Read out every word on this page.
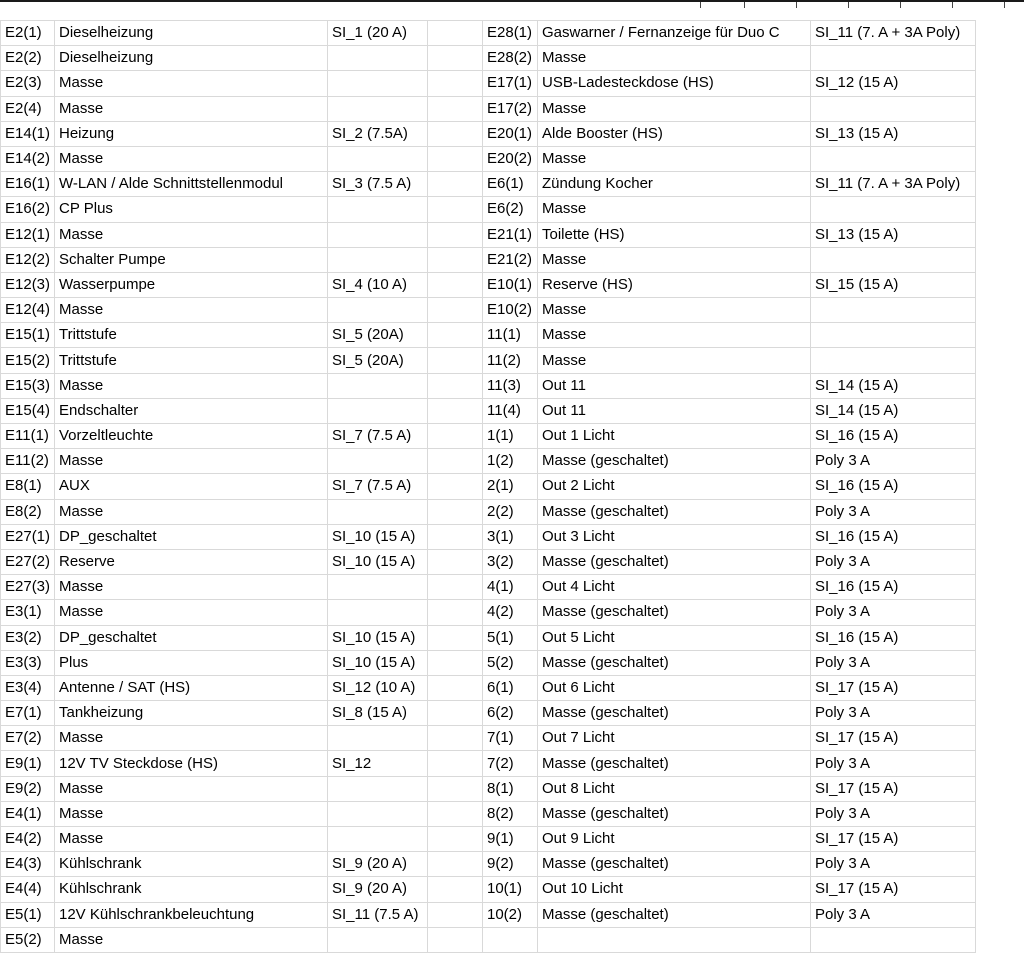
E2(1)	Dieselheizung	SI_1 (20 A)		E28(1)	Gaswarner / Fernanzeige für Duo C	SI_11 (7. A + 3A Poly)
E2(2)	Dieselheizung			E28(2)	Masse	
E2(3)	Masse			E17(1)	USB-Ladesteckdose (HS)	SI_12 (15 A)
E2(4)	Masse			E17(2)	Masse	
E14(1)	Heizung	SI_2 (7.5A)		E20(1)	Alde Booster (HS)	SI_13 (15 A)
E14(2)	Masse			E20(2)	Masse	
E16(1)	W-LAN / Alde Schnittstellenmodul	SI_3 (7.5 A)		E6(1)	Zündung Kocher	SI_11 (7. A + 3A Poly)
E16(2)	CP Plus			E6(2)	Masse	
E12(1)	Masse			E21(1)	Toilette (HS)	SI_13 (15 A)
E12(2)	Schalter Pumpe			E21(2)	Masse	
E12(3)	Wasserpumpe	SI_4 (10 A)		E10(1)	Reserve (HS)	SI_15 (15 A)
E12(4)	Masse			E10(2)	Masse	
E15(1)	Trittstufe	SI_5 (20A)		11(1)	Masse	
E15(2)	Trittstufe	SI_5 (20A)		11(2)	Masse	
E15(3)	Masse			11(3)	Out 11	SI_14 (15 A)
E15(4)	Endschalter			11(4)	Out 11	SI_14 (15 A)
E11(1)	Vorzeltleuchte	SI_7 (7.5 A)		1(1)	Out 1 Licht	SI_16 (15 A)
E11(2)	Masse			1(2)	Masse (geschaltet)	Poly 3 A
E8(1)	AUX	SI_7 (7.5 A)		2(1)	Out 2 Licht	SI_16 (15 A)
E8(2)	Masse			2(2)	Masse (geschaltet)	Poly 3 A
E27(1)	DP_geschaltet	SI_10 (15 A)		3(1)	Out 3 Licht	SI_16 (15 A)
E27(2)	Reserve	SI_10 (15 A)		3(2)	Masse (geschaltet)	Poly 3 A
E27(3)	Masse			4(1)	Out 4 Licht	SI_16 (15 A)
E3(1)	Masse			4(2)	Masse (geschaltet)	Poly 3 A
E3(2)	DP_geschaltet	SI_10 (15 A)		5(1)	Out 5 Licht	SI_16 (15 A)
E3(3)	Plus	SI_10 (15 A)		5(2)	Masse (geschaltet)	Poly 3 A
E3(4)	Antenne / SAT (HS)	SI_12 (10 A)		6(1)	Out 6 Licht	SI_17 (15 A)
E7(1)	Tankheizung	SI_8 (15 A)		6(2)	Masse (geschaltet)	Poly 3 A
E7(2)	Masse			7(1)	Out 7 Licht	SI_17 (15 A)
E9(1)	12V TV Steckdose (HS)	SI_12		7(2)	Masse (geschaltet)	Poly 3 A
E9(2)	Masse			8(1)	Out 8 Licht	SI_17 (15 A)
E4(1)	Masse			8(2)	Masse (geschaltet)	Poly 3 A
E4(2)	Masse			9(1)	Out 9 Licht	SI_17 (15 A)
E4(3)	Kühlschrank	SI_9 (20 A)		9(2)	Masse (geschaltet)	Poly 3 A
E4(4)	Kühlschrank	SI_9 (20 A)		10(1)	Out 10 Licht	SI_17 (15 A)
E5(1)	12V Kühlschrankbeleuchtung	SI_11 (7.5 A)		10(2)	Masse (geschaltet)	Poly 3 A
E5(2)	Masse					
